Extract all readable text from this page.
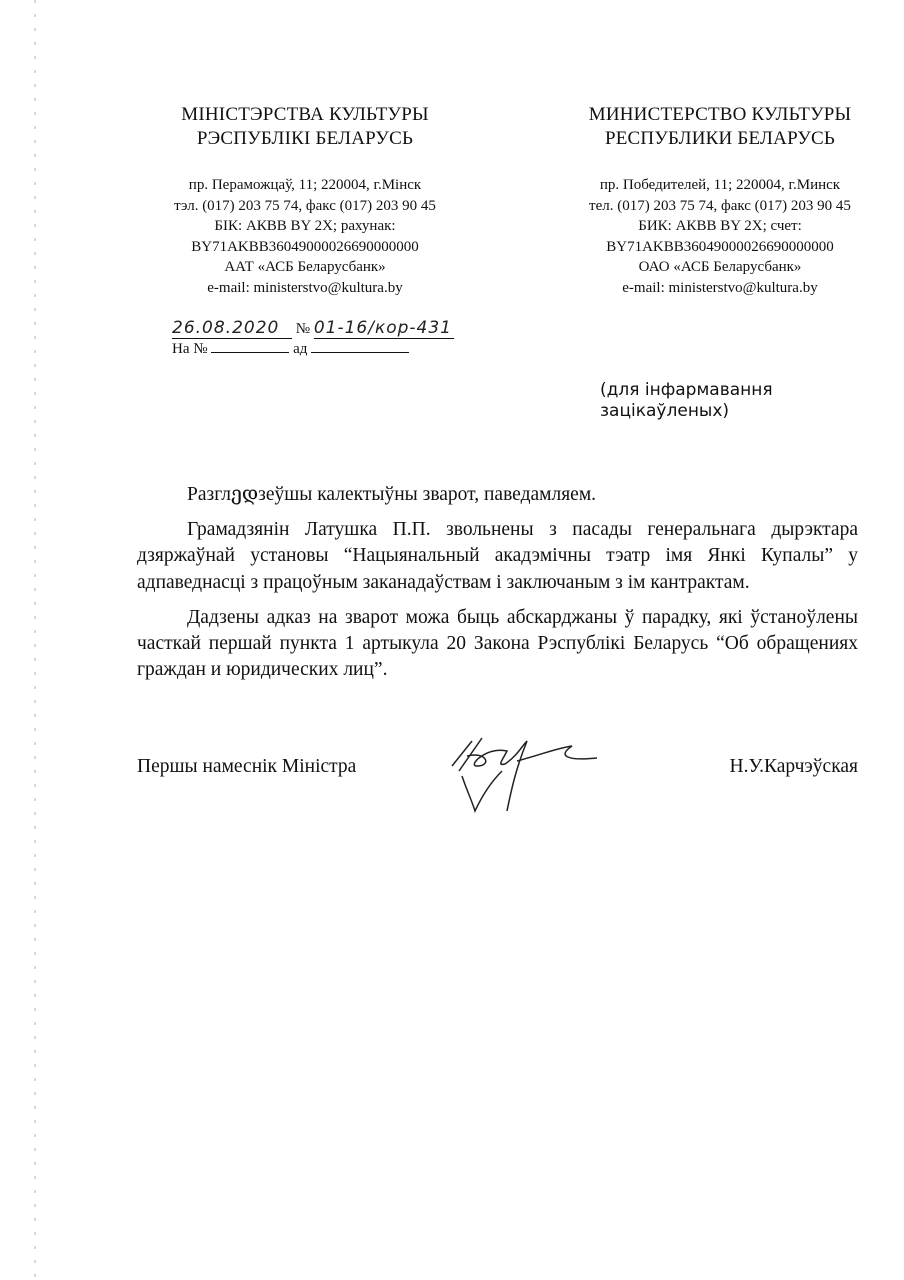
МІНІСТЭРСТВА КУЛЬТУРЫ
РЭСПУБЛІКІ БЕЛАРУСЬ
пр. Пераможцаў, 11; 220004, г.Мінск
тэл. (017) 203 75 74, факс (017) 203 90 45
БІК: АКВВ BY 2Х; рахунак:
BY71AKBB36049000026690000000
ААТ «АСБ Беларусбанк»
e-mail: ministerstvo@kultura.by
МИНИСТЕРСТВО КУЛЬТУРЫ
РЕСПУБЛИКИ БЕЛАРУСЬ
пр. Победителей, 11; 220004, г.Минск
тел. (017) 203 75 74, факс (017) 203 90 45
БИК: АКВВ BY 2Х; счет:
BY71AKBB36049000026690000000
ОАО «АСБ Беларусбанк»
e-mail: ministerstvo@kultura.by
26.08.2020 № 01-16/кор-431
На №	ад
(для інфармавання
зацікаўленых)

Разглედзеўшы калектыўны зварот, паведамляем.

Грамадзянін Латушка П.П. звольнены з пасады генеральнага дырэктара дзяржаўнай установы “Нацыянальный акадэмічны тэатр імя Янкі Купалы” у адпаведнасці з працоўным заканадаўствам і заключаным з ім кантрактам.

Дадзены адказ на зварот можа быць абскарджаны ў парадку, які ўстаноўлены часткай першай пункта 1 артыкула 20 Закона Рэспублікі Беларусь “Об обращениях граждан и юридических лиц”.

Першы намеснік Міністра	Н.У.Карчэўская
